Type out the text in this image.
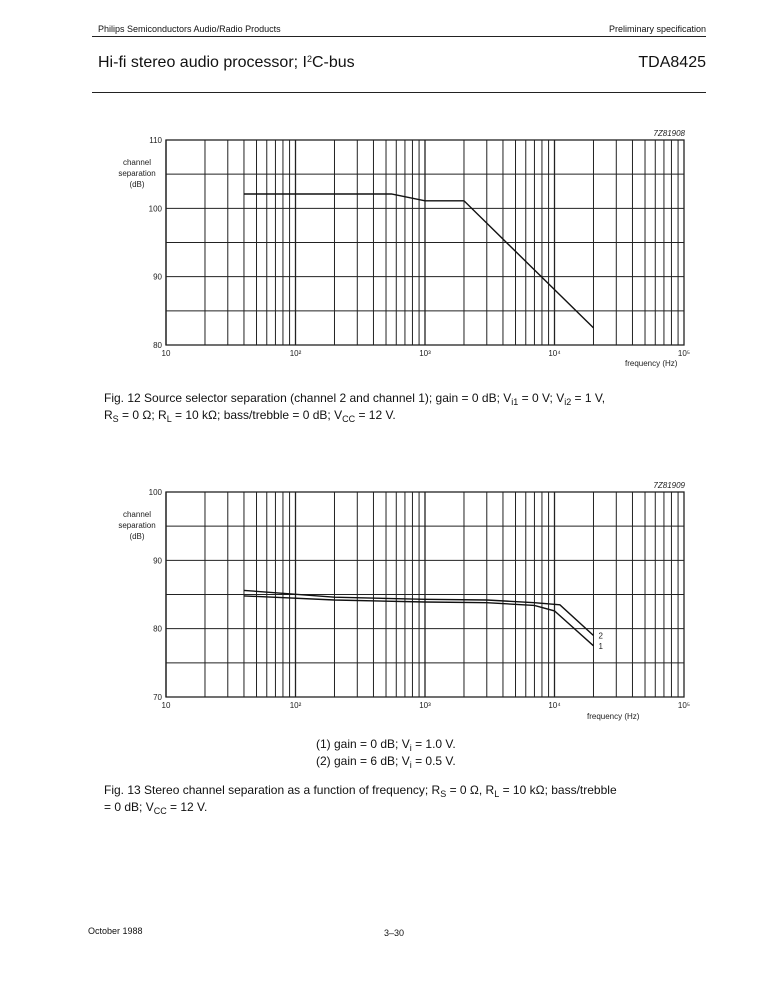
Philips Semiconductors Audio/Radio Products	Preliminary specification
Hi-fi stereo audio processor; $I^2C$-bus	TDA8425
7Z81908
channel
separation
(dB)
frequency (Hz)
80
90
100
110
10	10²	10³	10⁴	10⁵
Fig. 12 Source selector separation (channel 2 and channel 1); gain = 0 dB; $V_{i1} = 0$ V; $V_{i2} = 1$ V,
$R_S = 0$ Ω; $R_L = 10$ kΩ; bass/trebble = 0 dB; $V_{CC} = 12$ V.
7Z81909
channel
separation
(dB)
frequency (Hz)
70
80
90
100
10	10²	10³	10⁴	10⁵
1
2
(1) gain = 0 dB; $V_i = 1.0$ V.
(2) gain = 6 dB; $V_i = 0.5$ V.
Fig. 13 Stereo channel separation as a function of frequency; $R_S = 0$ Ω, $R_L = 10$ kΩ; bass/trebble
= 0 dB; $V_{CC} = 12$ V.
October 1988	3–30
